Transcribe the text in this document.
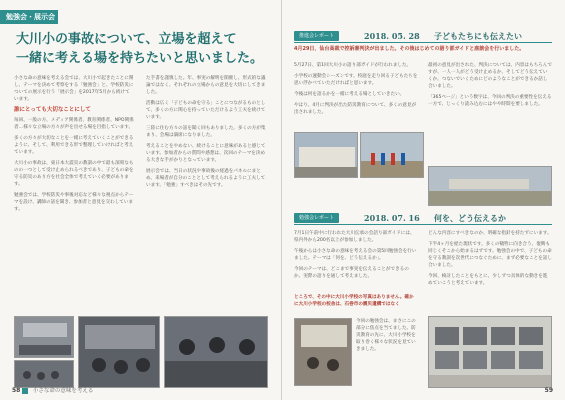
勉強会・展示会
大川小の事故について、立場を超えて
一緒に考える場を持ちたいと思いました。

小さな命の意味を考える会では、大川小で起きたことに関し、テーマを決めて考察をする「勉強会」と、学校防災についての展示を行う「展示会」を2017年5月から続けています。

誰にとっても大切なことにして

毎回、一般の方、メディア関係者、教育関係者、NPO関係者…様々な立場の方々が声を出せる場を目指しています。

多くの方々が大切なことを一緒に考えていくことができるように、そして、利用できる形で整理していければと考えています。

大川小の事故は、東日本大震災の教訓の中で最も深刻なものの一つとして受け止められるべきであり、子どもの命を守る防災のあり方を社会全体で考えていく必要があります。

勉強会では、学校防災や事後対応など様々な視点からテーマを設け、講師の話を聞き、参加者と意見を交わしています。

た手書を謹慎した。年、事実の解明を開催し、形式的な議論ではなく、それぞれの立場からの意見を大切にしてきました。

活動は広く「子どもの命を守る」ことにつながるものとして、多くの方に関心を持っていただけるよう工夫を続けています。

三陸に住む方々の話を聞く回もありました。多くの方が集まり、会場は満席になりました。

考えることをやめない、続けることに意味があると感じています。参加者からの質問や感想は、次回のテーマを決める大きな手がかりとなっています。

展示会では、当日の状況や事故後の経過をパネルにまとめ、来場者が自分のこととして考えられるように工夫しています。「勉強」すべきはその先です。

58 小さな命の意味を考える
推進会レポート	2018. 05. 28 子どもたちにも伝えたい
4月29日、仙台高裁で控訴審判決が出ました。その後はじめての語り部ガイドと座談会を行いました。

5月27日、第1回大川小の語り部ガイドが行われました。

小学校の運動会シーズンです。校庭を走り回る子どもたちを思い浮かべていただければと思います。

今後は何を語るかを一緒に考える場としていきたい。

やはり、4月に判決が出た防災教育について、多くの意見が出されました。

最初の意見が出された、判決については、内容はもちろんですが、一人一人がどう受け止めるか、そしてどう伝えていくか。つないでいくためにどのようなことができるか話し合いました。

「365ページ」という数字は、今回の判決の重要性を伝える一方で、じっくり読み込むにはやや時間を要しました。

勉強会レポート	2018. 07. 16 何を、どう伝えるか

7月1日午前中に行われた大川伝承の会語り部ガイドには、県内外から200名以上が参加しました。

午後からは小さな命の意味を考える会の第5回勉強会を行いました。テーマは「何を、どう伝えるか」。

今回のテーマは、どこまで事実を伝えることができるのか。実際の語りを通して考えました。

ところで、その中に大川小学校の写真はありません。確かに大川小学校の校舎は、石巻市の震災遺構ではなく

今回の勉強会は、まさにこの部分に焦点を当てました。防災教育の先に、大川小学校を取り巻く様々な状況を見ていきました。

どんな内容にすべきなのか、明確な指針を持たずにいます。

下半4ヶ月を経た現状です。多くの犠牲に向き合う、復興も同じくそこから始まるはずです。勉強会の中で、子どもの命を守る教訓を次世代につなぐために、まず必要なことを話し合いました。

今回、検討したことをもとに、少しずつ具体的な動きを進めていこうと考えています。

59
